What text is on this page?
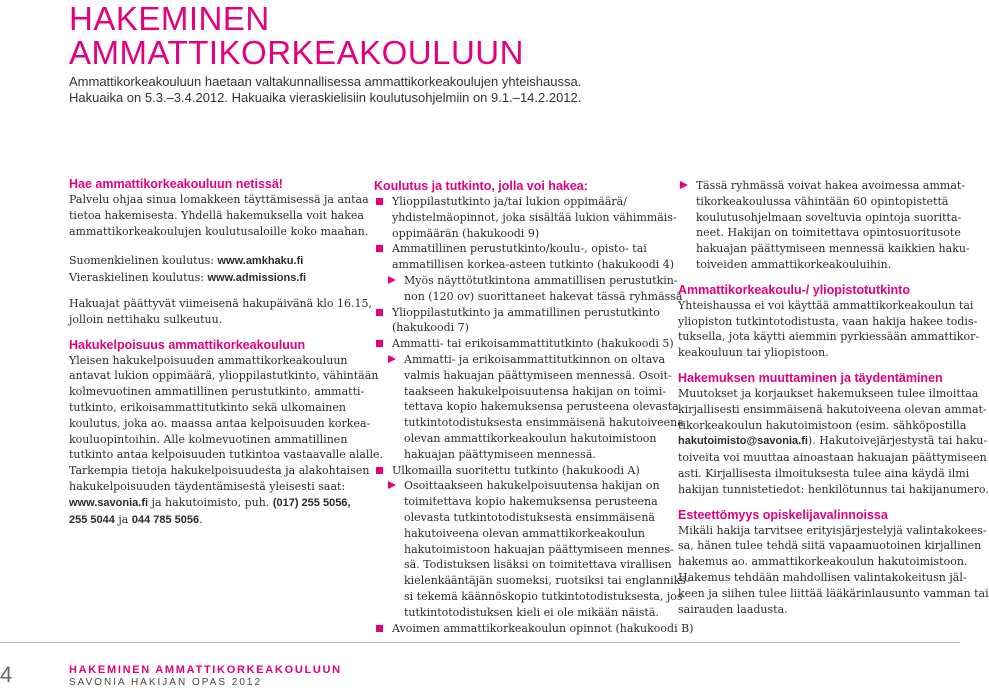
HAKEMINEN
AMMATTIKORKEAKOULUUN
Ammattikorkeakouluun haetaan valtakunnallisessa ammattikorkeakoulujen yhteishaussa.
Hakuaika on 5.3.–3.4.2012. Hakuaika vieraskielisiin koulutusohjelmiin on 9.1.–14.2.2012.
Hae ammattikorkeakouluun netissä!
Palvelu ohjaa sinua lomakkeen täyttämisessä ja antaa
tietoa hakemisesta. Yhdellä hakemuksella voit hakea
ammattikorkeakoulujen koulutusaloille koko maahan.
Suomenkielinen koulutus: www.amkhaku.fi
Vieraskielinen koulutus: www.admissions.fi
Hakuajat päättyvät viimeisenä hakupäivänä klo 16.15,
jolloin nettihaku sulkeutuu.
Hakukelpoisuus ammattikorkeakouluun
Yleisen hakukelpoisuuden ammattikorkeakouluun
antavat lukion oppimäärä, ylioppilastutkinto, vähintään
kolmevuotinen ammatillinen perustutkinto, ammatti-
tutkinto, erikoisammattitutkinto sekä ulkomainen
koulutus, joka ao. maassa antaa kelpoisuuden korkea-
kouluopintoihin. Alle kolmevuotinen ammatillinen
tutkinto antaa kelpoisuuden tutkintoa vastaavalle alalle.
Tarkempia tietoja hakukelpoisuudesta ja alakohtaisen
hakukelpoisuuden täydentämisestä yleisesti saat:
www.savonia.fi ja hakutoimisto, puh. (017) 255 5056,
255 5044 ja 044 785 5056.
Koulutus ja tutkinto, jolla voi hakea:
Ylioppilastutkinto ja/tai lukion oppimäärä/
yhdistelmäopinnot, joka sisältää lukion vähimmäis-
oppimäärän (hakukoodi 9)
Ammatillinen perustutkinto/koulu-, opisto- tai
ammatillisen korkea-asteen tutkinto (hakukoodi 4)
Myös näyttötutkintona ammatillisen perustutkin-
non (120 ov) suorittaneet hakevat tässä ryhmässä
Ylioppilastutkinto ja ammatillinen perustutkinto
(hakukoodi 7)
Ammatti- tai erikoisammattitutkinto (hakukoodi 5)
Ammatti- ja erikoisammattitutkinnon on oltava
valmis hakuajan päättymiseen mennessä. Osoit-
taakseen hakukelpoisuutensa hakijan on toimi-
tettava kopio hakemuksensa perusteena olevasta
tutkintotodistuksesta ensimmäisenä hakutoiveena
olevan ammattikorkeakoulun hakutoimistoon
hakuajan päättymiseen mennessä.
Ulkomailla suoritettu tutkinto (hakukoodi A)
Osoittaakseen hakukelpoisuutensa hakijan on
toimitettava kopio hakemuksensa perusteena
olevasta tutkintotodistuksesta ensimmäisenä
hakutoiveena olevan ammattikorkeakoulun
hakutoimistoon hakuajan päättymiseen mennes-
sä. Todistuksen lisäksi on toimitettava virallisen
kielenkääntäjän suomeksi, ruotsiksi tai englanniks-
si tekemä käännöskopio tutkintotodistuksesta, jos
tutkintotodistuksen kieli ei ole mikään näistä.
Avoimen ammattikorkeakoulun opinnot (hakukoodi B)
Tässä ryhmässä voivat hakea avoimessa ammat-
tikorkeakoulussa vähintään 60 opintopistettä
koulutusohjelmaan soveltuvia opintoja suoritta-
neet. Hakijan on toimitettava opintosuoritusote
hakuajan päättymiseen mennessä kaikkien haku-
toiveiden ammattikorkeakouluihin.
Ammattikorkeakoulu-/ yliopistotutkinto
Yhteishaussa ei voi käyttää ammattikorkeakoulun tai
yliopiston tutkintotodistusta, vaan hakija hakee todis-
tuksella, jota käytti aiemmin pyrkiessään ammattikor-
keakouluun tai yliopistoon.
Hakemuksen muuttaminen ja täydentäminen
Muutokset ja korjaukset hakemukseen tulee ilmoittaa
kirjallisesti ensimmäisenä hakutoiveena olevan ammat-
tikorkeakoulun hakutoimistoon (esim. sähköpostilla
hakutoimisto@savonia.fi). Hakutoivejärjestystä tai haku-
toiveita voi muuttaa ainoastaan hakuajan päättymiseen
asti. Kirjallisesta ilmoituksesta tulee aina käydä ilmi
hakijan tunnistetiedot: henkilötunnus tai hakijanumero.
Esteettömyys opiskelijavalinnoissa
Mikäli hakija tarvitsee erityisjärjestelyjä valintakokees-
sa, hänen tulee tehdä siitä vapaamuotoinen kirjallinen
hakemus ao. ammattikorkeakoulun hakutoimistoon.
Hakemus tehdään mahdollisen valintakokeitusn jäl-
keen ja siihen tulee liittää lääkärinlausunto vamman tai
sairauden laadusta.
4	HAKEMINEN AMMATTIKORKEAKOULUUN
SAVONIA HAKIJAN OPAS 2012
